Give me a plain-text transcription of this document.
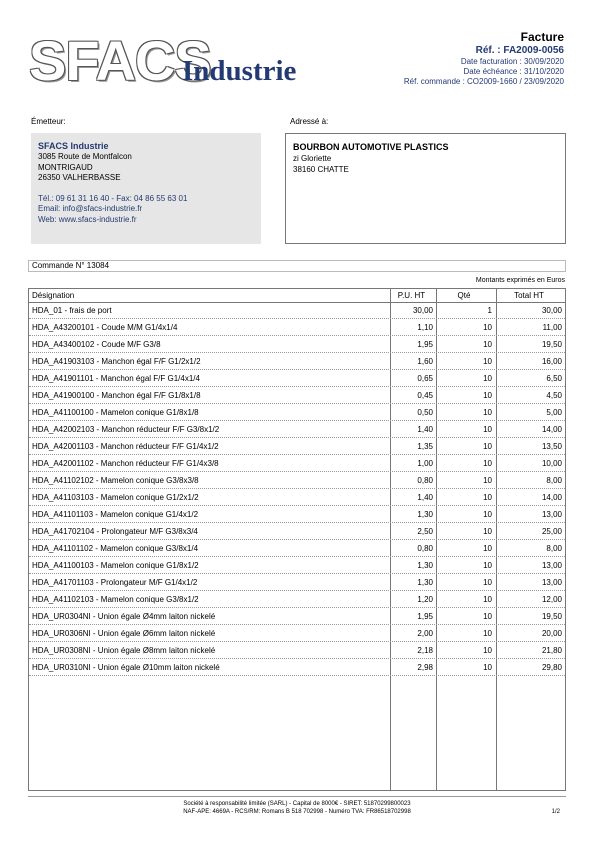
SFACS
Industrie
Facture
Réf. : FA2009-0056
Date facturation : 30/09/2020
Date échéance : 31/10/2020
Réf. commande : CO2009-1660 / 23/09/2020
Émetteur:	Adressé à:
SFACS Industrie
3085 Route de Montfalcon
MONTRIGAUD
26350 VALHERBASSE
Tél.: 09 61 31 16 40 - Fax: 04 86 55 63 01
Email: info@sfacs-industrie.fr
Web: www.sfacs-industrie.fr
BOURBON AUTOMOTIVE PLASTICS
zi Gloriette
38160 CHATTE
Commande N° 13084
Montants exprimés en Euros
Désignation	P.U. HT	Qté	Total HT
HDA_01 - frais de port	30,00	1	30,00
HDA_A43200101 - Coude M/M G1/4x1/4	1,10	10	11,00
HDA_A43400102 - Coude M/F G3/8	1,95	10	19,50
HDA_A41903103 - Manchon égal F/F G1/2x1/2	1,60	10	16,00
HDA_A41901101 - Manchon égal F/F G1/4x1/4	0,65	10	6,50
HDA_A41900100 - Manchon égal F/F G1/8x1/8	0,45	10	4,50
HDA_A41100100 - Mamelon conique G1/8x1/8	0,50	10	5,00
HDA_A42002103 - Manchon réducteur F/F G3/8x1/2	1,40	10	14,00
HDA_A42001103 - Manchon réducteur F/F G1/4x1/2	1,35	10	13,50
HDA_A42001102 - Manchon réducteur F/F G1/4x3/8	1,00	10	10,00
HDA_A41102102 - Mamelon conique G3/8x3/8	0,80	10	8,00
HDA_A41103103 - Mamelon conique G1/2x1/2	1,40	10	14,00
HDA_A41101103 - Mamelon conique G1/4x1/2	1,30	10	13,00
HDA_A41702104 - Prolongateur M/F G3/8x3/4	2,50	10	25,00
HDA_A41101102 - Mamelon conique G3/8x1/4	0,80	10	8,00
HDA_A41100103 - Mamelon conique G1/8x1/2	1,30	10	13,00
HDA_A41701103 - Prolongateur M/F G1/4x1/2	1,30	10	13,00
HDA_A41102103 - Mamelon conique G3/8x1/2	1,20	10	12,00
HDA_UR0304NI - Union égale Ø4mm laiton nickelé	1,95	10	19,50
HDA_UR0306NI - Union égale Ø6mm laiton nickelé	2,00	10	20,00
HDA_UR0308NI - Union égale Ø8mm laiton nickelé	2,18	10	21,80
HDA_UR0310NI - Union égale Ø10mm laiton nickelé	2,98	10	29,80
Société à responsabilité limitée (SARL) - Capital de 8000€ - SIRET: 51870299800023
NAF-APE: 4669A - RCS/RM: Romans B 518 702998 - Numéro TVA: FR86518702998	1/2
